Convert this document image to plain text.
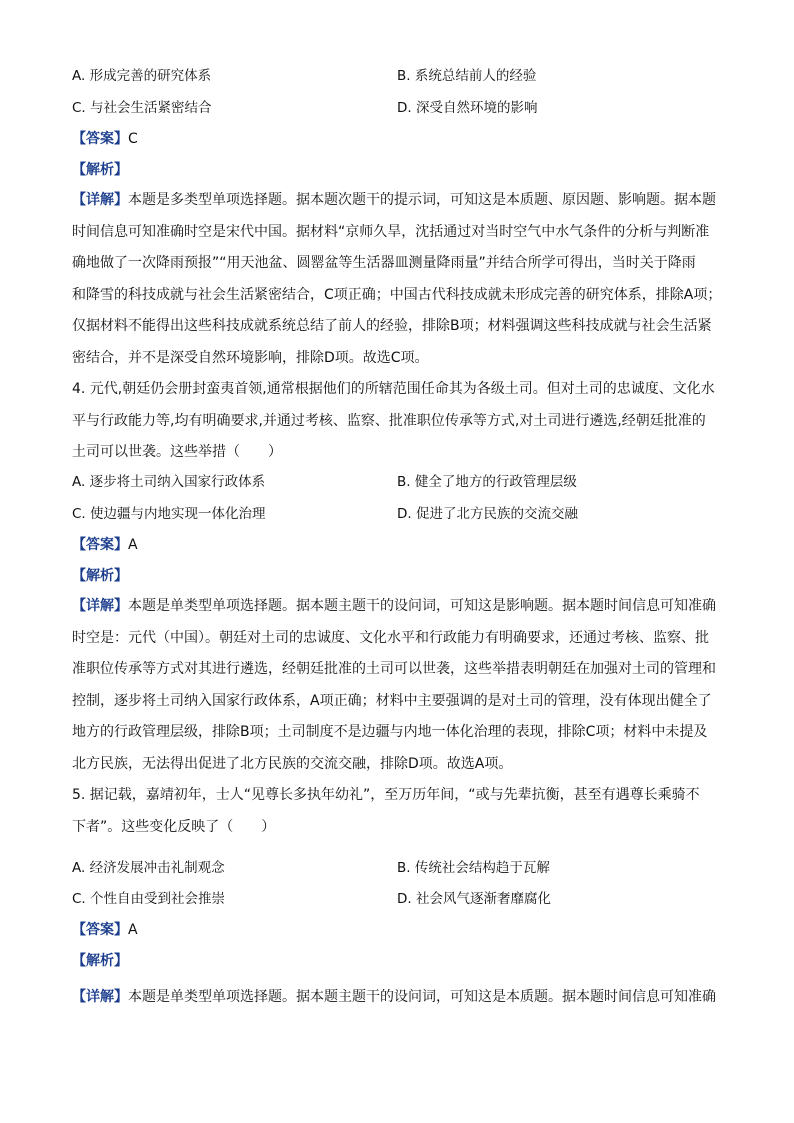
A. 形成完善的研究体系	B. 系统总结前人的经验
C. 与社会生活紧密结合	D. 深受自然环境的影响
【答案】C
【解析】
【详解】本题是多类型单项选择题。据本题次题干的提示词，可知这是本质题、原因题、影响题。据本题
时间信息可知准确时空是宋代中国。据材料“京师久旱，沈括通过对当时空气中水气条件的分析与判断准
确地做了一次降雨预报”“用天池盆、圆罂盆等生活器皿测量降雨量”并结合所学可得出，当时关于降雨
和降雪的科技成就与社会生活紧密结合，C项正确；中国古代科技成就未形成完善的研究体系，排除A项；
仅据材料不能得出这些科技成就系统总结了前人的经验，排除B项；材料强调这些科技成就与社会生活紧
密结合，并不是深受自然环境影响，排除D项。故选C项。
4. 元代,朝廷仍会册封蛮夷首领,通常根据他们的所辖范围任命其为各级土司。但对土司的忠诚度、文化水
平与行政能力等,均有明确要求,并通过考核、监察、批准职位传承等方式,对土司进行遴选,经朝廷批准的
土司可以世袭。这些举措（　　）
A. 逐步将土司纳入国家行政体系	B. 健全了地方的行政管理层级
C. 使边疆与内地实现一体化治理	D. 促进了北方民族的交流交融
【答案】A
【解析】
【详解】本题是单类型单项选择题。据本题主题干的设问词，可知这是影响题。据本题时间信息可知准确
时空是：元代（中国）。朝廷对土司的忠诚度、文化水平和行政能力有明确要求，还通过考核、监察、批
准职位传承等方式对其进行遴选，经朝廷批准的土司可以世袭，这些举措表明朝廷在加强对土司的管理和
控制，逐步将土司纳入国家行政体系，A项正确；材料中主要强调的是对土司的管理，没有体现出健全了
地方的行政管理层级，排除B项；土司制度不是边疆与内地一体化治理的表现，排除C项；材料中未提及
北方民族，无法得出促进了北方民族的交流交融，排除D项。故选A项。
5. 据记载，嘉靖初年，士人“见尊长多执年幼礼”，至万历年间，“或与先辈抗衡，甚至有遇尊长乘骑不
下者”。这些变化反映了（　　）
A. 经济发展冲击礼制观念	B. 传统社会结构趋于瓦解
C. 个性自由受到社会推崇	D. 社会风气逐渐奢靡腐化
【答案】A
【解析】
【详解】本题是单类型单项选择题。据本题主题干的设问词，可知这是本质题。据本题时间信息可知准确
